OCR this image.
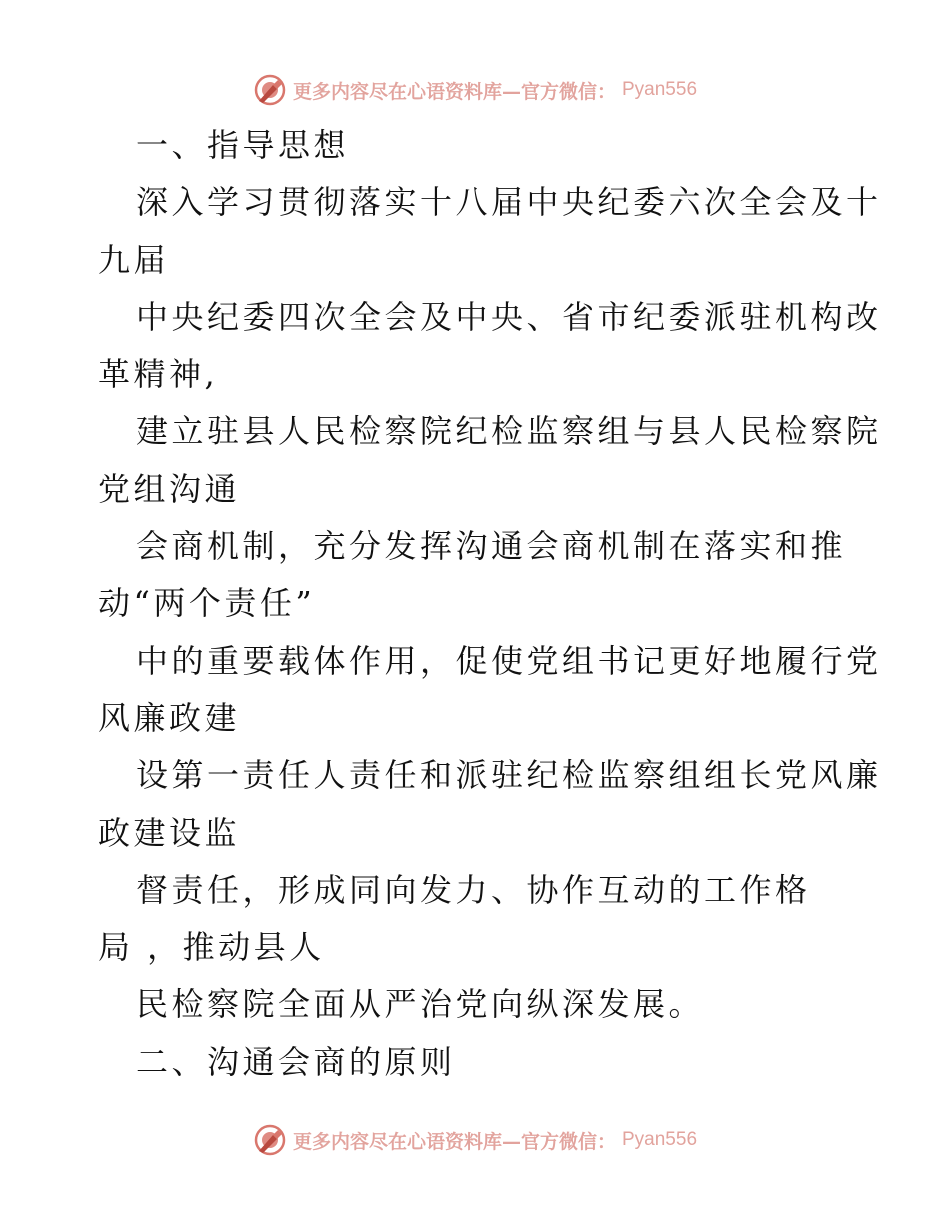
更多内容尽在心语资料库—官方微信： Pyan556
一、指导思想
深入学习贯彻落实十八届中央纪委六次全会及十
九届
中央纪委四次全会及中央、省市纪委派驻机构改
革精神,
建立驻县人民检察院纪检监察组与县人民检察院
党组沟通
会商机制，充分发挥沟通会商机制在落实和推
动“两个责任”
中的重要载体作用，促使党组书记更好地履行党
风廉政建
设第一责任人责任和派驻纪检监察组组长党风廉
政建设监
督责任，形成同向发力、协作互动的工作格
局 ，推动县人
民检察院全面从严治党向纵深发展。
二、沟通会商的原则
更多内容尽在心语资料库—官方微信： Pyan556
